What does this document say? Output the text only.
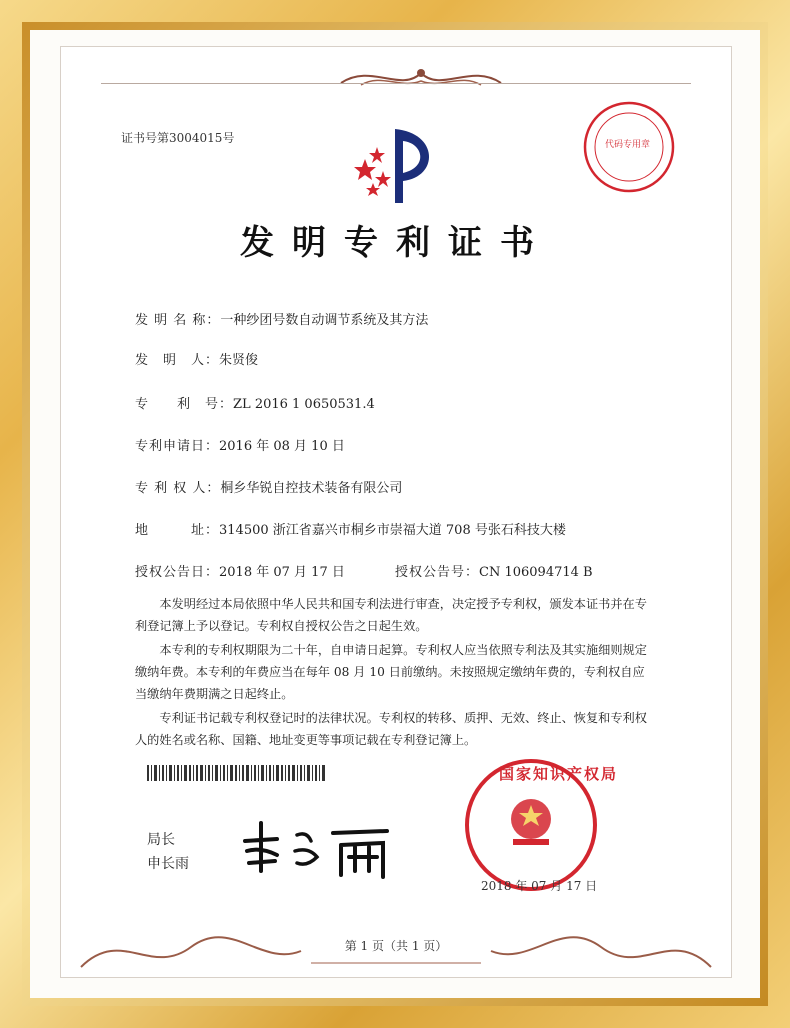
证书号第3004015号	代码专用章
发明专利证书
发 明 名 称：一种纱团号数自动调节系统及其方法
发　明　人：朱贤俊
专　　利　号：ZL 2016 1 0650531.4
专利申请日：2016 年 08 月 10 日
专 利 权 人：桐乡华锐自控技术装备有限公司
地　　　址：314500 浙江省嘉兴市桐乡市崇福大道 708 号张石科技大楼
授权公告日：2018 年 07 月 17 日	授权公告号：CN 106094714 B
本发明经过本局依照中华人民共和国专利法进行审查，决定授予专利权，颁发本证书并在专利登记簿上予以登记。专利权自授权公告之日起生效。
本专利的专利权期限为二十年，自申请日起算。专利权人应当依照专利法及其实施细则规定缴纳年费。本专利的年费应当在每年 08 月 10 日前缴纳。未按照规定缴纳年费的，专利权自应当缴纳年费期满之日起终止。
专利证书记载专利权登记时的法律状况。专利权的转移、质押、无效、终止、恢复和专利权人的姓名或名称、国籍、地址变更等事项记载在专利登记簿上。
局长
申长雨
国家知识产权局
2018 年 07 月 17 日
第 1 页（共 1 页）
